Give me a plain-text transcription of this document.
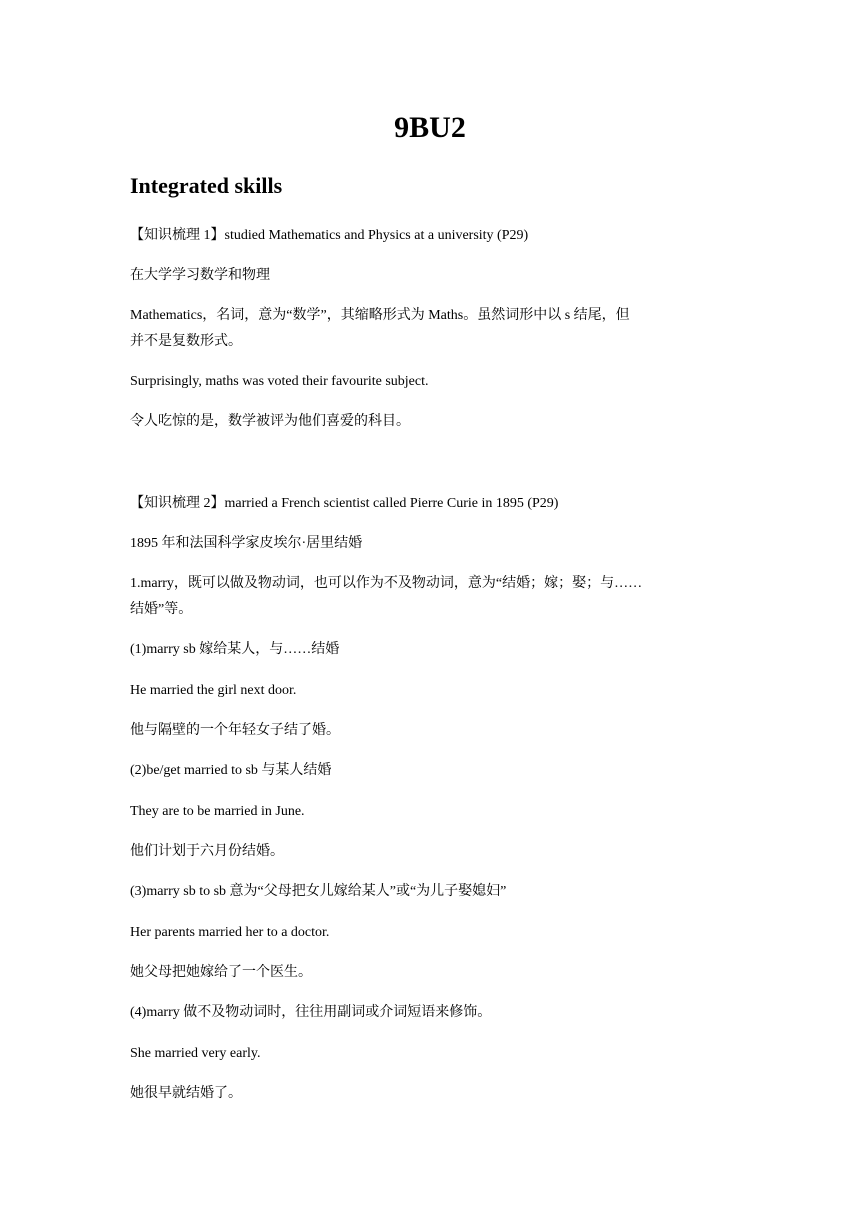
9BU2
Integrated skills
【知识梳理 1】studied Mathematics and Physics at a university (P29)
在大学学习数学和物理
Mathematics，名词，意为“数学”，其缩略形式为 Maths。虽然词形中以 s 结尾，但
并不是复数形式。
Surprisingly, maths was voted their favourite subject.
令人吃惊的是，数学被评为他们喜爱的科目。
【知识梳理 2】married a French scientist called Pierre Curie in 1895 (P29)
1895 年和法国科学家皮埃尔·居里结婚
1.marry，既可以做及物动词，也可以作为不及物动词，意为“结婚；嫁；娶；与……
结婚”等。
(1)marry sb 嫁给某人，与……结婚
He married the girl next door.
他与隔壁的一个年轻女子结了婚。
(2)be/get married to sb 与某人结婚
They are to be married in June.
他们计划于六月份结婚。
(3)marry sb to sb 意为“父母把女儿嫁给某人”或“为儿子娶媳妇”
Her parents married her to a doctor.
她父母把她嫁给了一个医生。
(4)marry 做不及物动词时，往往用副词或介词短语来修饰。
She married very early.
她很早就结婚了。
